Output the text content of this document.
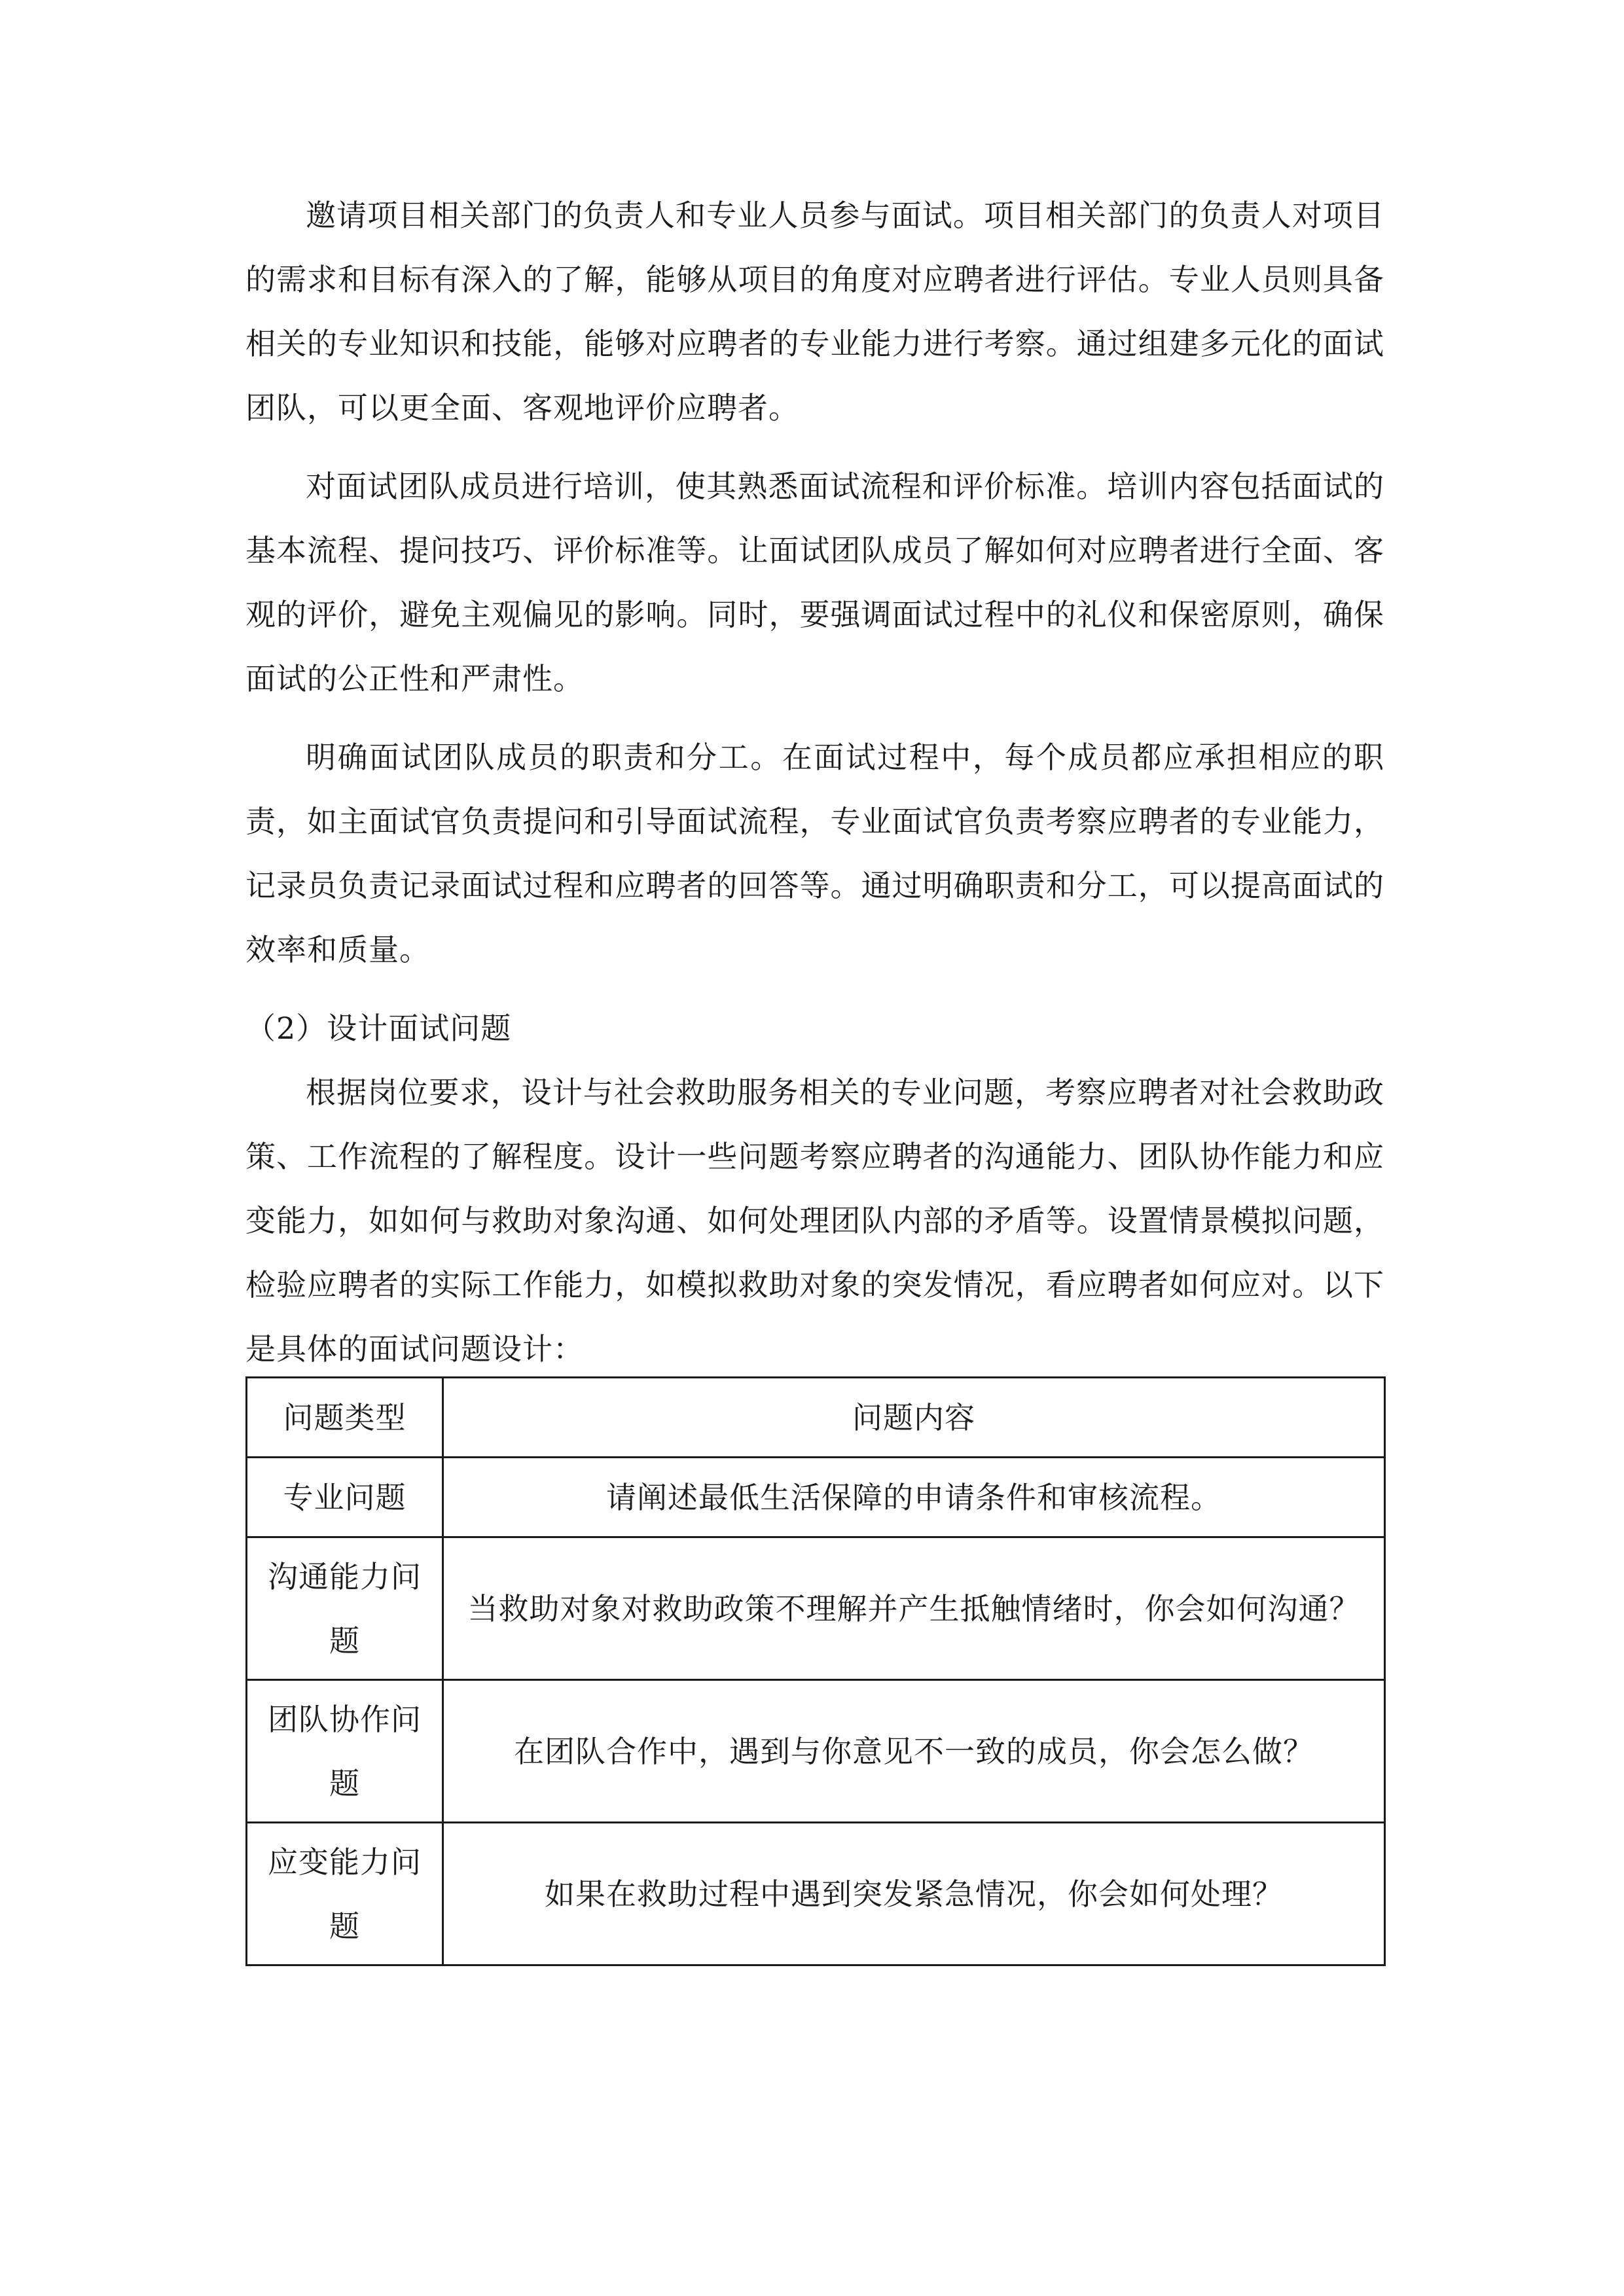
邀请项目相关部门的负责人和专业人员参与面试。项目相关部门的负责人对项目的需求和目标有深入的了解，能够从项目的角度对应聘者进行评估。专业人员则具备相关的专业知识和技能，能够对应聘者的专业能力进行考察。通过组建多元化的面试团队，可以更全面、客观地评价应聘者。

对面试团队成员进行培训，使其熟悉面试流程和评价标准。培训内容包括面试的基本流程、提问技巧、评价标准等。让面试团队成员了解如何对应聘者进行全面、客观的评价，避免主观偏见的影响。同时，要强调面试过程中的礼仪和保密原则，确保面试的公正性和严肃性。

明确面试团队成员的职责和分工。在面试过程中，每个成员都应承担相应的职责，如主面试官负责提问和引导面试流程，专业面试官负责考察应聘者的专业能力，记录员负责记录面试过程和应聘者的回答等。通过明确职责和分工，可以提高面试的效率和质量。

（2）设计面试问题

根据岗位要求，设计与社会救助服务相关的专业问题，考察应聘者对社会救助政策、工作流程的了解程度。设计一些问题考察应聘者的沟通能力、团队协作能力和应变能力，如如何与救助对象沟通、如何处理团队内部的矛盾等。设置情景模拟问题，检验应聘者的实际工作能力，如模拟救助对象的突发情况，看应聘者如何应对。以下是具体的面试问题设计：

问题类型	问题内容
专业问题	请阐述最低生活保障的申请条件和审核流程。
沟通能力问题	当救助对象对救助政策不理解并产生抵触情绪时，你会如何沟通？
团队协作问题	在团队合作中，遇到与你意见不一致的成员，你会怎么做？
应变能力问题	如果在救助过程中遇到突发紧急情况，你会如何处理？
